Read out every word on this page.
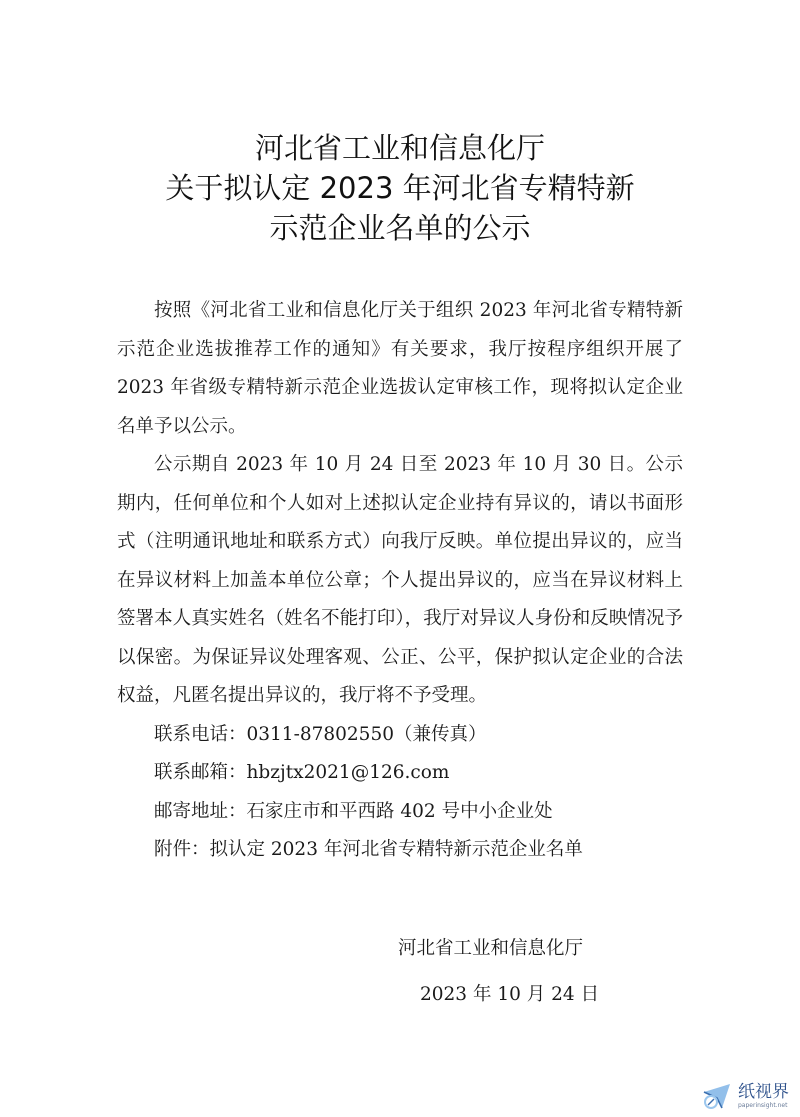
河北省工业和信息化厅
关于拟认定 2023 年河北省专精特新
示范企业名单的公示

按照《河北省工业和信息化厅关于组织 2023 年河北省专精特新示范企业选拔推荐工作的通知》有关要求，我厅按程序组织开展了 2023 年省级专精特新示范企业选拔认定审核工作，现将拟认定企业名单予以公示。

公示期自 2023 年 10 月 24 日至 2023 年 10 月 30 日。公示期内，任何单位和个人如对上述拟认定企业持有异议的，请以书面形式（注明通讯地址和联系方式）向我厅反映。单位提出异议的，应当在异议材料上加盖本单位公章；个人提出异议的，应当在异议材料上签署本人真实姓名（姓名不能打印），我厅对异议人身份和反映情况予以保密。为保证异议处理客观、公正、公平，保护拟认定企业的合法权益，凡匿名提出异议的，我厅将不予受理。

联系电话：0311-87802550（兼传真）

联系邮箱：hbzjtx2021@126.com

邮寄地址：石家庄市和平西路 402 号中小企业处

附件：拟认定 2023 年河北省专精特新示范企业名单

河北省工业和信息化厅
2023 年 10 月 24 日
纸视界
paperinsight.net
